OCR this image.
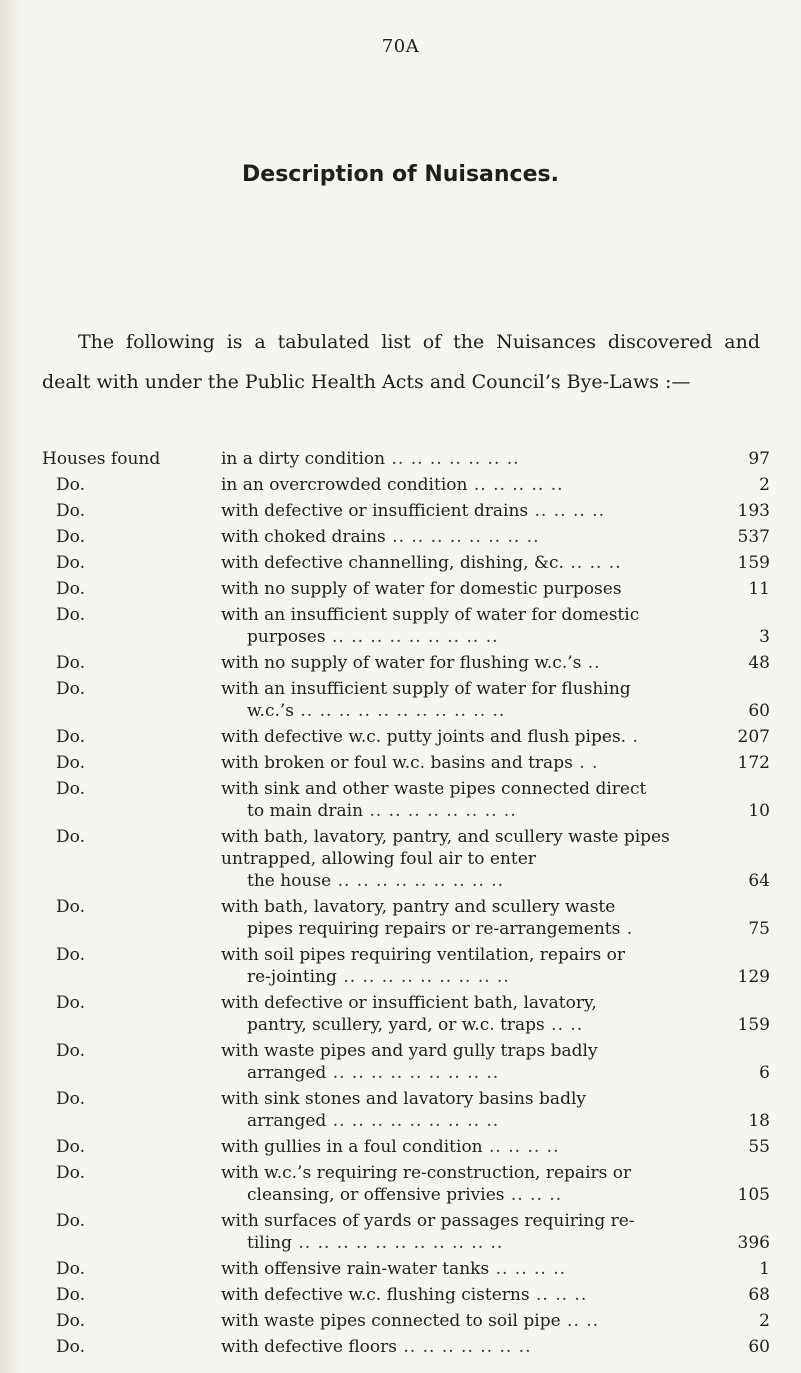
70A
Description of Nuisances.
The following is a tabulated list of the Nuisances discovered and
dealt with under the Public Health Acts and Council’s Bye-Laws :—
Houses found	in a dirty condition .. .. .. .. .. .. ..	97
Do.	in an overcrowded condition .. .. .. .. ..	2
Do.	with defective or insufficient drains .. .. .. ..	193
Do.	with choked drains .. .. .. .. .. .. .. ..	537
Do.	with defective channelling, dishing, &c. .. .. ..	159
Do.	with no supply of water for domestic purposes	11
Do.	with an insufficient supply of water for domestic
purposes .. .. .. .. .. .. .. .. ..	3
Do.	with no supply of water for flushing w.c.’s ..	48
Do.	with an insufficient supply of water for flushing
w.c.’s .. .. .. .. .. .. .. .. .. .. ..	60
Do.	with defective w.c. putty joints and flush pipes. .	207
Do.	with broken or foul w.c. basins and traps . .	172
Do.	with sink and other waste pipes connected direct
to main drain .. .. .. .. .. .. .. ..	10
Do.	with bath, lavatory, pantry, and scullery waste pipes untrapped, allowing foul air to enter
the house .. .. .. .. .. .. .. .. ..	64
Do.	with bath, lavatory, pantry and scullery waste
pipes requiring repairs or re-arrangements .	75
Do.	with soil pipes requiring ventilation, repairs or
re-jointing .. .. .. .. .. .. .. .. ..	129
Do.	with defective or insufficient bath, lavatory,
pantry, scullery, yard, or w.c. traps .. ..	159
Do.	with waste pipes and yard gully traps badly
arranged .. .. .. .. .. .. .. .. ..	6
Do.	with sink stones and lavatory basins badly
arranged .. .. .. .. .. .. .. .. ..	18
Do.	with gullies in a foul condition .. .. .. ..	55
Do.	with w.c.’s requiring re-construction, repairs or
cleansing, or offensive privies .. .. ..	105
Do.	with surfaces of yards or passages requiring re-
tiling .. .. .. .. .. .. .. .. .. .. ..	396
Do.	with offensive rain-water tanks .. .. .. ..	1
Do.	with defective w.c. flushing cisterns .. .. ..	68
Do.	with waste pipes connected to soil pipe .. ..	2
Do.	with defective floors .. .. .. .. .. .. ..	60
